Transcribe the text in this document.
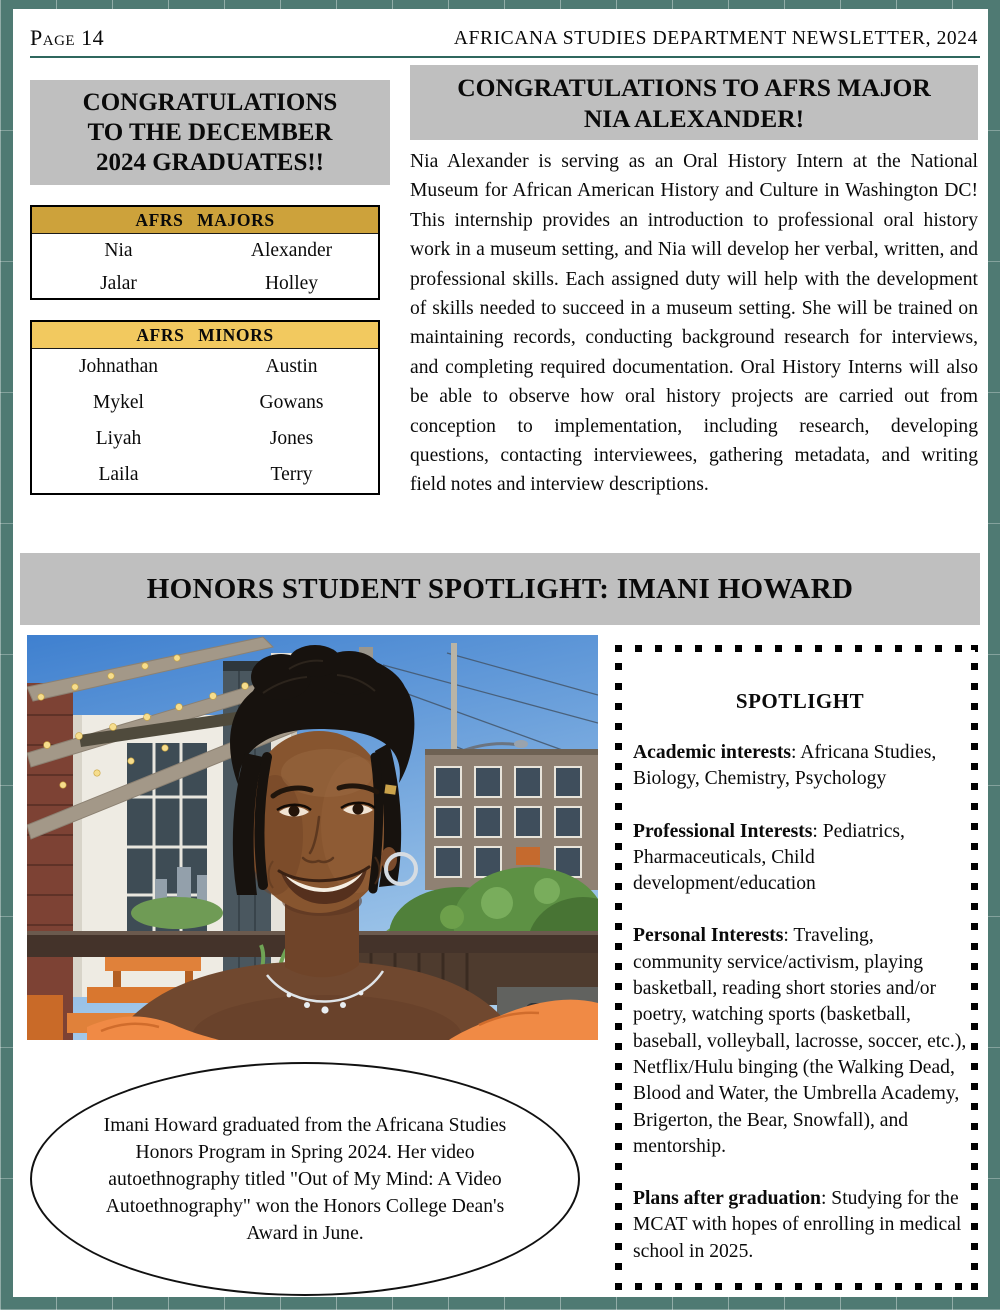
Page 14	AFRICANA STUDIES DEPARTMENT NEWSLETTER, 2024
CONGRATULATIONS
TO THE DECEMBER
2024 GRADUATES!!
AFRS MAJORS
Nia	Alexander
Jalar	Holley
AFRS MINORS
Johnathan	Austin
Mykel	Gowans
Liyah	Jones
Laila	Terry
CONGRATULATIONS TO AFRS MAJOR
NIA ALEXANDER!
Nia Alexander is serving as an Oral History Intern at the National Museum for African American History and Culture in Washington DC! This internship provides an introduction to professional oral history work in a museum setting, and Nia will develop her verbal, written, and professional skills. Each assigned duty will help with the development of skills needed to succeed in a museum setting. She will be trained on maintaining records, conducting background research for interviews, and completing required documentation. Oral History Interns will also be able to observe how oral history projects are carried out from conception to implementation, including research, developing questions, contacting interviewees, gathering metadata, and writing field notes and interview descriptions.
HONORS STUDENT SPOTLIGHT: IMANI HOWARD
SPOTLIGHT

Academic interests: Africana Studies, Biology, Chemistry, Psychology

Professional Interests: Pediatrics, Pharmaceuticals, Child development/education

Personal Interests: Traveling, community service/activism, playing basketball, reading short stories and/or poetry, watching sports (basketball, baseball, volleyball, lacrosse, soccer, etc.), Netflix/Hulu binging (the Walking Dead, Blood and Water, the Umbrella Academy, Brigerton, the Bear, Snowfall), and mentorship.

Plans after graduation: Studying for the MCAT with hopes of enrolling in medical school in 2025.

Imani Howard graduated from the Africana Studies Honors Program in Spring 2024. Her video autoethnography titled "Out of My Mind: A Video Autoethnography" won the Honors College Dean's Award in June.
